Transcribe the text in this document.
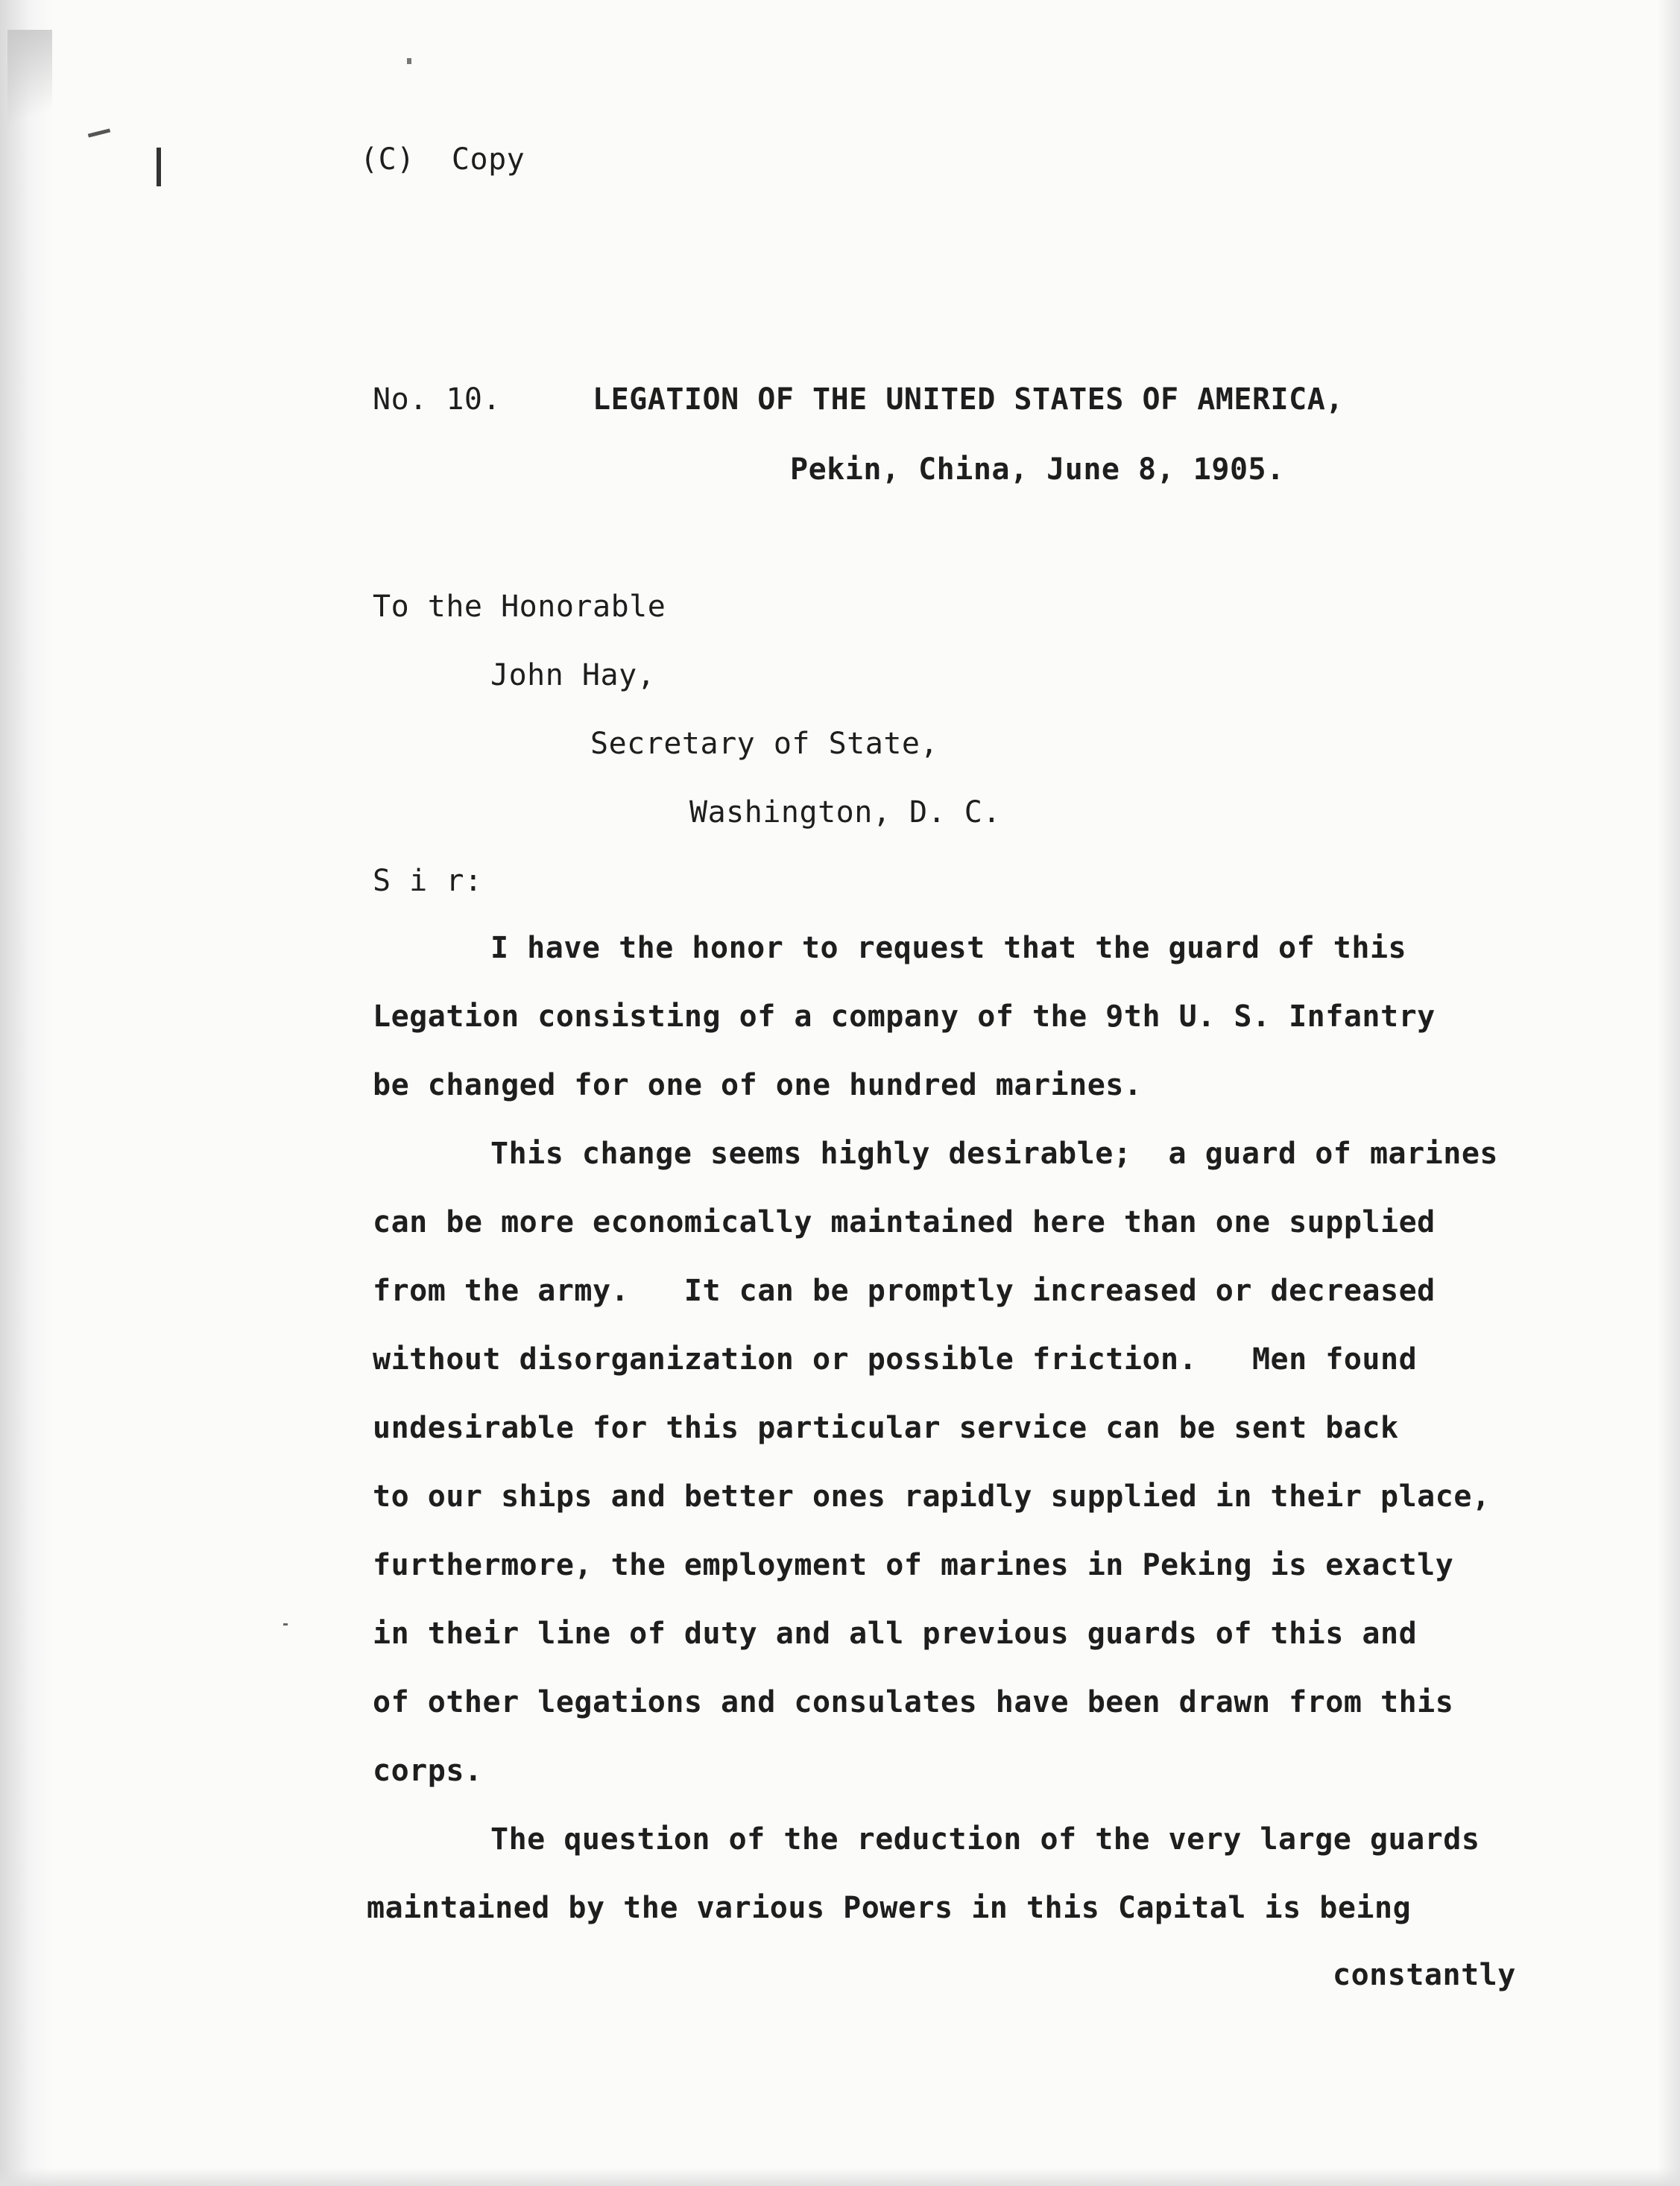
(C)  Copy
No. 10.	LEGATION OF THE UNITED STATES OF AMERICA,
Pekin, China, June 8, 1905.
To the Honorable
John Hay,
Secretary of State,
Washington, D. C.
S i r:
I have the honor to request that the guard of this
Legation consisting of a company of the 9th U. S. Infantry
be changed for one of one hundred marines.
This change seems highly desirable;  a guard of marines
can be more economically maintained here than one supplied
from the army.   It can be promptly increased or decreased
without disorganization or possible friction.   Men found
undesirable for this particular service can be sent back
to our ships and better ones rapidly supplied in their place,
furthermore, the employment of marines in Peking is exactly
in their line of duty and all previous guards of this and
of other legations and consulates have been drawn from this
corps.
The question of the reduction of the very large guards
maintained by the various Powers in this Capital is being
constantly
